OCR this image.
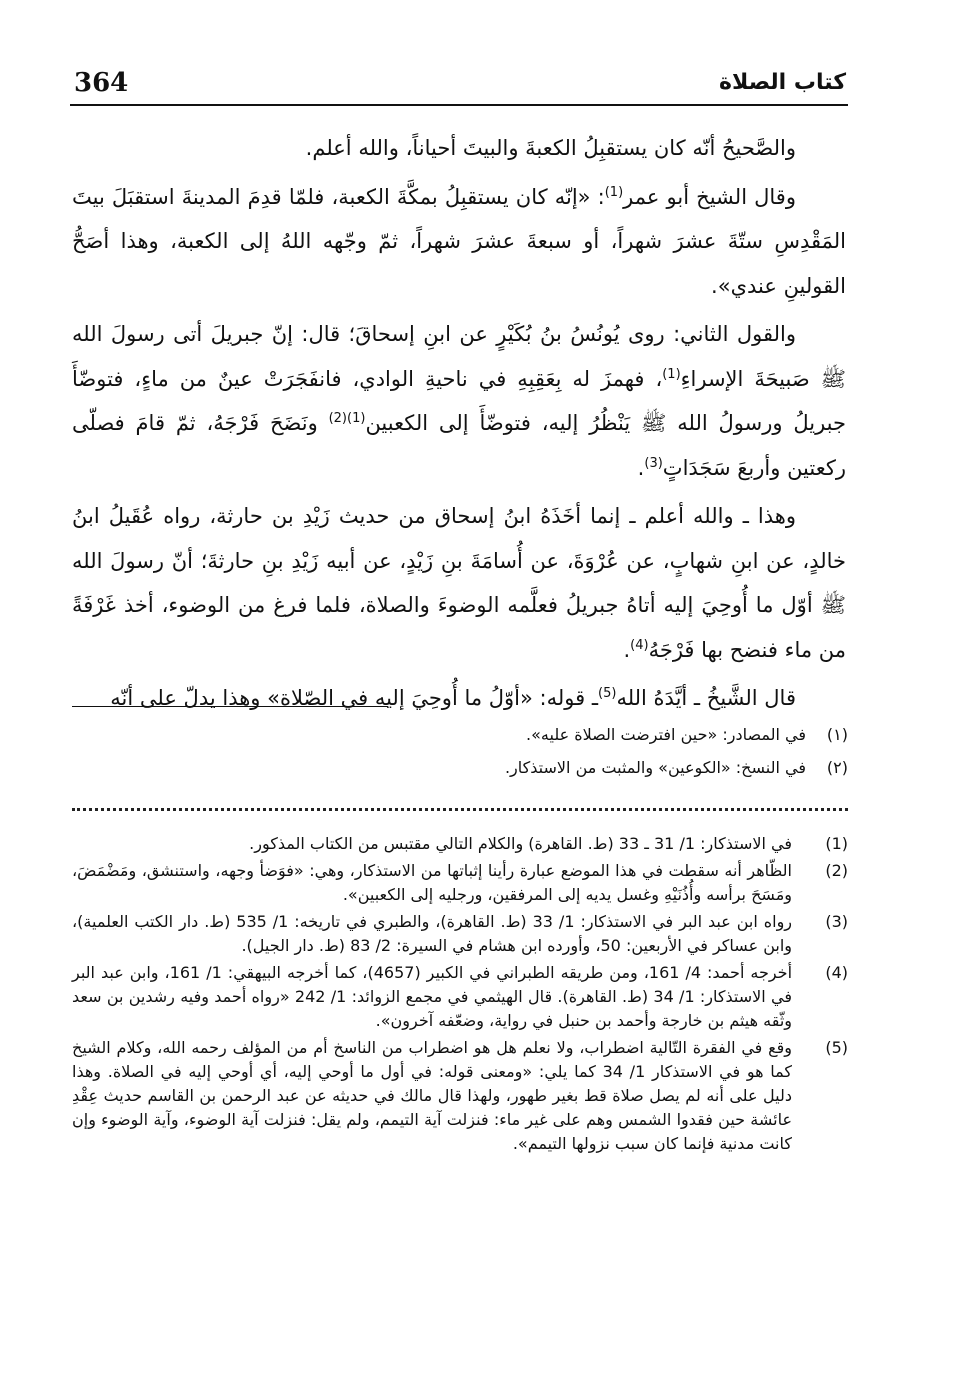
364	كتاب الصلاة

والصَّحيحُ أنّه كان يستقبِلُ الكعبةَ والبيتَ أحياناً، والله أعلم.

وقال الشيخ أبو عمر$^{(1)}$: «إنّه كان يستقبِلُ بمكَّةَ الكعبة، فلمّا قدِمَ المدينةَ استقبَلَ بيتَ المَقْدِسِ ستّةَ عشرَ شهراً، أو سبعةَ عشرَ شهراً، ثمّ وجّهه اللهُ إلى الكعبة، وهذا أصَحُّ القولينِ عندي».

والقول الثاني: روى يُونُسُ بنُ بُكَيْرٍ عن ابنِ إسحاقَ؛ قال: إنّ جبريلَ أتى رسولَ الله ﷺ صَبيحَةَ الإسراءِ$^{(1)}$، فهمزَ له بِعَقِبِهِ في ناحيةِ الوادي، فانفَجَرَتْ عينٌ من ماءٍ، فتوضّأَ جبريلُ ورسولُ الله ﷺ يَنْظُرُ إليه، فتوضّأَ إلى الكعبين$^{(1)(2)}$ ونَضَحَ فَرْجَهُ، ثمّ قامَ فصلّى ركعتين وأربعَ سَجَدَاتٍ$^{(3)}$.

وهذا ـ والله أعلم ـ إنما أخَذَهُ ابنُ إسحاق من حديث زَيْدِ بن حارثة، رواه عُقَيلُ ابنُ خالدٍ، عن ابنِ شهابٍ، عن عُرْوَةَ، عن أُسامَةَ بنِ زَيْدٍ، عن أبيه زَيْدِ بنِ حارثةَ؛ أنّ رسولَ الله ﷺ أوّل ما أُوحِيَ إليه أتاهُ جبريلُ فعلَّمه الوضوءَ والصلاة، فلما فرغ من الوضوء، أخذ غَرْفَةً من ماء فنضح بها فَرْجَهُ$^{(4)}$.

قال الشَّيخُ ـ أيَّدَهُ الله$^{(5)}$ـ قوله: «أوّلُ ما أُوحِيَ إليه في الصّلاة» وهذا يدلّ على أنّه

(١)
في المصادر: «حين افترضت الصلاة عليه».
(٢)
في النسخ: «الكوعين» والمثبت من الاستذكار.
(1)
في الاستذكار: 1/ 31 ـ 33 (ط. القاهرة) والكلام التالي مقتبس من الكتاب المذكور.
(2)
الظّاهر أنه سقطت في هذا الموضع عبارة رأينا إثباتها من الاستذكار، وهي: «فوَضأ وجهه، واستنشق، ومَضْمَضَ، ومَسَحَ برأسه وأُذُنَيْهِ وغسل يديه إلى المرفقين، ورجليه إلى الكعبين».
(3)
رواه ابن عبد البر في الاستذكار: 1/ 33 (ط. القاهرة)، والطبري في تاريخه: 1/ 535 (ط. دار الكتب العلمية)، وابن عساكر في الأربعين: 50، وأورده ابن هشام في السيرة: 2/ 83 (ط. دار الجيل).
(4)
أخرجه أحمد: 4/ 161، ومن طريقه الطبراني في الكبير (4657)، كما أخرجه البيهقي: 1/ 161، وابن عبد البر في الاستذكار: 1/ 34 (ط. القاهرة). قال الهيثمي في مجمع الزوائد: 1/ 242 «رواه أحمد وفيه رشدين بن سعد وثّقه هيثم بن خارجة وأحمد بن حنبل في رواية، وضعّفه آخرون».
(5)
وقع في الفقرة التّالية اضطراب، ولا نعلم هل هو اضطراب من الناسخ أم من المؤلف رحمه الله، وكلام الشيخ كما هو في الاستذكار 1/ 34 كما يلي: «ومعنى قوله: في أول ما أوحي إليه، أي أوحي إليه في الصلاة. وهذا دليل على أنه لم يصل صلاة قط بغير طهور، ولهذا قال مالك في حديثه عن عبد الرحمن بن القاسم حديث عِقْدِ عائشة حين فقدوا الشمس وهم على غير ماء: فنزلت آية التيمم، ولم يقل: فنزلت آية الوضوء، وآية الوضوء وإن كانت مدنية فإنما كان سبب نزولها التيمم».
